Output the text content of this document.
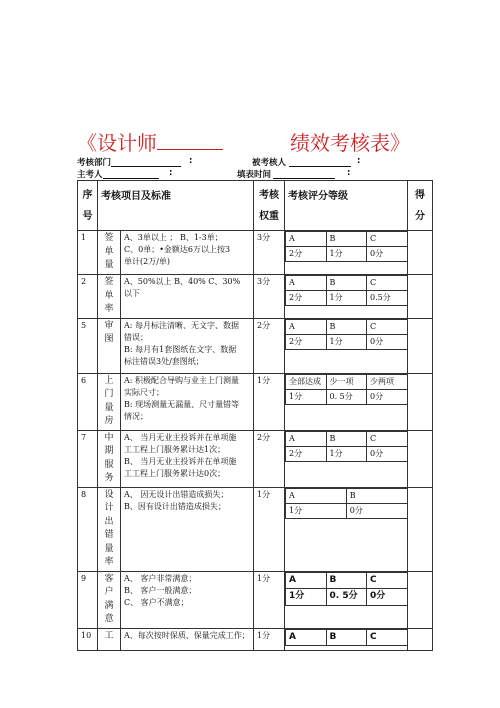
《设计师	绩效考核表》
考核部门	:	被考核人	:
主考人	:	填表时间	:
序
号

考核项目及标准	考核
权重

考核评分等级	得
分

1	签
单
量

A、3单以上 ； B、1-3单；
C、0单；•金额达6万以上按3
单计(2万/单)
	3分	A	B	C
2分	1分	0分

2	签
单
率

A、50%以上 B、40% C、30%
以下
	3分	A	B	C
2分	1分	0.5分

5	审
图

A: 每月标注清晰、无文字、数据
错误；
B: 每月有1套图纸在文字、数据
标注错误3处/套图纸；
	2分	A	B	C
2分	1分	0分

6	上
门
量
房

A: 积极配合导购与业主上门测量
实际尺寸；
B: 现场测量无漏量、尺寸量错等
情况；
	1分	全部达成	少一项	少两项
1分	0. 5分	0分

7	中
期
服
务

A、 当月无业主投诉并在单项施
工工程上门服务累计达1次；
B、 当月无业主投诉并在单项施
工工程上门服务累计达0次；
	2分	A	B	C
2分	1分	0分

8	设
计
出
错
量
率

A、 因无设计出错造成损失；
B、因有设计出错造成损失；
	1分	A	B
1分	0分

9	客
户
满
意

A、 客户非常满意；
B、 客户一般满意；
C、 客户不满意；
	1分	A	B	C
1分	0. 5分	0分

10	工	A、每次按时保质、保量完成工作；	1分	A	B	C
